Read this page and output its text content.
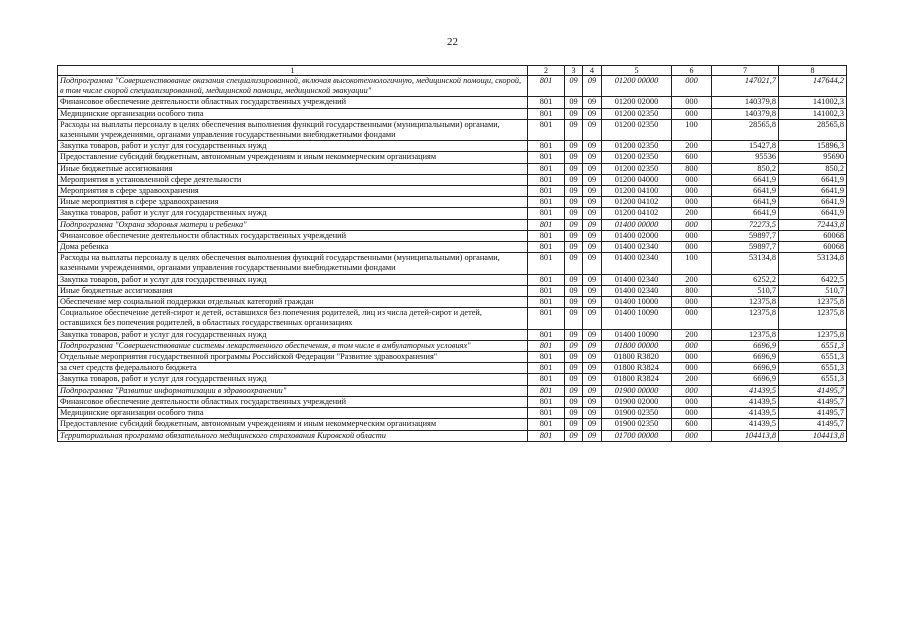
22
1	2	3	4	5	6	7	8
Подпрограмма "Совершенствование оказания специализированной, включая высокотехнологичную, медицинской помощи, скорой, в том числе скорой специализированной, медицинской помощи, медицинской эвакуации"	801	09	09	01200 00000	000	147021,7	147644,2
Финансовое обеспечение деятельности областных государственных учреждений	801	09	09	01200 02000	000	140379,8	141002,3
Медицинские организации особого типа	801	09	09	01200 02350	000	140379,8	141002,3
Расходы на выплаты персоналу в целях обеспечения выполнения функций государственными (муниципальными) органами, казенными учреждениями, органами управления государственными внебюджетными фондами	801	09	09	01200 02350	100	28565,8	28565,8
Закупка товаров, работ и услуг для государственных нужд	801	09	09	01200 02350	200	15427,8	15896,3
Предоставление субсидий бюджетным, автономным учреждениям и иным некоммерческим организациям	801	09	09	01200 02350	600	95536	95690
Иные бюджетные ассигнования	801	09	09	01200 02350	800	850,2	850,2
Мероприятия в установленной сфере деятельности	801	09	09	01200 04000	000	6641,9	6641,9
Мероприятия в сфере здравоохранения	801	09	09	01200 04100	000	6641,9	6641,9
Иные мероприятия в сфере здравоохранения	801	09	09	01200 04102	000	6641,9	6641,9
Закупка товаров, работ и услуг для государственных нужд	801	09	09	01200 04102	200	6641,9	6641,9
Подпрограмма "Охрана здоровья матери и ребенка"	801	09	09	01400 00000	000	72273,5	72443,8
Финансовое обеспечение деятельности областных государственных учреждений	801	09	09	01400 02000	000	59897,7	60068
Дома ребенка	801	09	09	01400 02340	000	59897,7	60068
Расходы на выплаты персоналу в целях обеспечения выполнения функций государственными (муниципальными) органами, казенными учреждениями, органами управления государственными внебюджетными фондами	801	09	09	01400 02340	100	53134,8	53134,8
Закупка товаров, работ и услуг для государственных нужд	801	09	09	01400 02340	200	6252,2	6422,5
Иные бюджетные ассигнования	801	09	09	01400 02340	800	510,7	510,7
Обеспечение мер социальной поддержки отдельных категорий граждан	801	09	09	01400 10000	000	12375,8	12375,8
Социальное обеспечение детей-сирот и детей, оставшихся без попечения родителей, лиц из числа детей-сирот и детей, оставшихся без попечения родителей, в областных государственных организациях	801	09	09	01400 10090	000	12375,8	12375,8
Закупка товаров, работ и услуг для государственных нужд	801	09	09	01400 10090	200	12375,8	12375,8
Подпрограмма "Совершенствование системы лекарственного обеспечения, в том числе в амбулаторных условиях"	801	09	09	01800 00000	000	6696,9	6551,3
Отдельные мероприятия государственной программы Российской Федерации "Развитие здравоохранения"	801	09	09	01800 R3820	000	6696,9	6551,3
за счет средств федерального бюджета	801	09	09	01800 R3824	000	6696,9	6551,3
Закупка товаров, работ и услуг для государственных нужд	801	09	09	01800 R3824	200	6696,9	6551,3
Подпрограмма "Развитие информатизации в здравоохранении"	801	09	09	01900 00000	000	41439,5	41495,7
Финансовое обеспечение деятельности областных государственных учреждений	801	09	09	01900 02000	000	41439,5	41495,7
Медицинские организации особого типа	801	09	09	01900 02350	000	41439,5	41495,7
Предоставление субсидий бюджетным, автономным учреждениям и иным некоммерческим организациям	801	09	09	01900 02350	600	41439,5	41495,7
Территориальная программа обязательного медицинского страхования Кировской области	801	09	09	01700 00000	000	104413,8	104413,8
